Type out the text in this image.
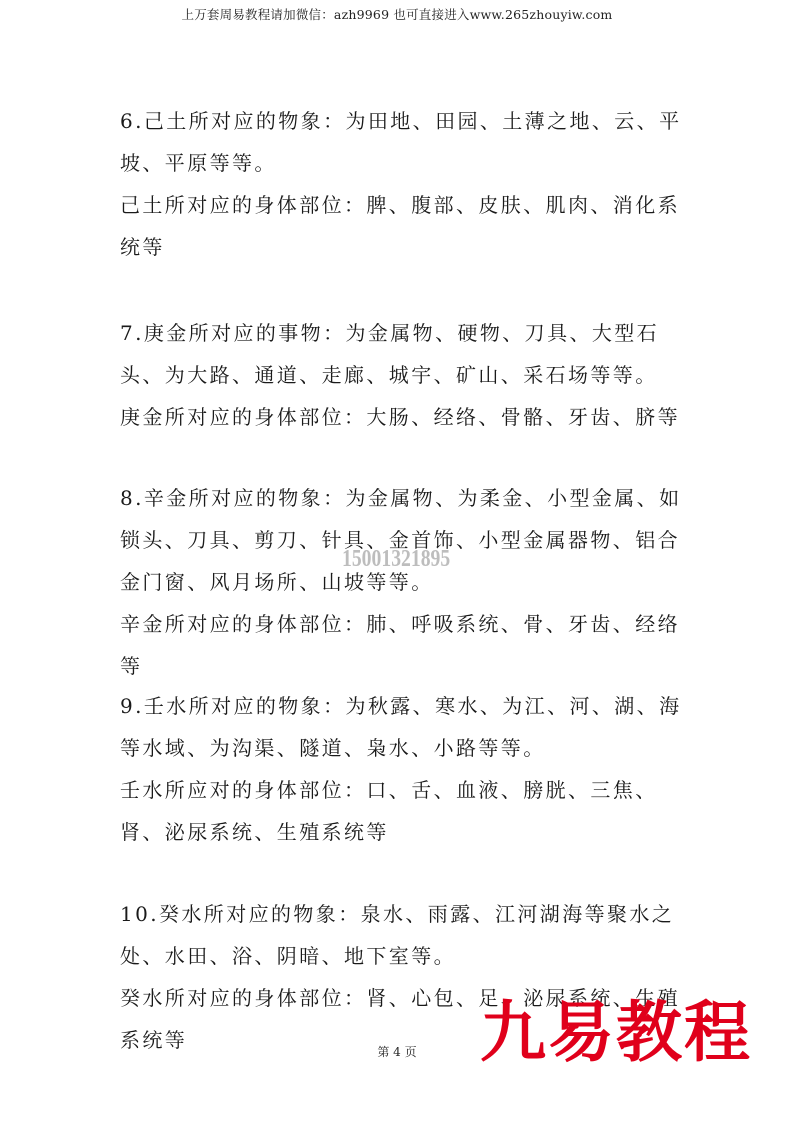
上万套周易教程请加微信：azh9969 也可直接进入www.265zhouyiw.com

6.己土所对应的物象：为田地、田园、土薄之地、云、平坡、平原等等。

己土所对应的身体部位：脾、腹部、皮肤、肌肉、消化系统等

7.庚金所对应的事物：为金属物、硬物、刀具、大型石头、为大路、通道、走廊、城宇、矿山、采石场等等。

庚金所对应的身体部位：大肠、经络、骨骼、牙齿、脐等

8.辛金所对应的物象：为金属物、为柔金、小型金属、如锁头、刀具、剪刀、针具、金首饰、小型金属器物、铝合金门窗、风月场所、山坡等等。

辛金所对应的身体部位：肺、呼吸系统、骨、牙齿、经络等

9.壬水所对应的物象：为秋露、寒水、为江、河、湖、海等水域、为沟渠、隧道、枭水、小路等等。

壬水所应对的身体部位：口、舌、血液、膀胱、三焦、肾、泌尿系统、生殖系统等

10.癸水所对应的物象：泉水、雨露、江河湖海等聚水之处、水田、浴、阴暗、地下室等。

癸水所对应的身体部位：肾、心包、足、泌尿系统、生殖系统等

15001321895
第 4 页 九易教程
